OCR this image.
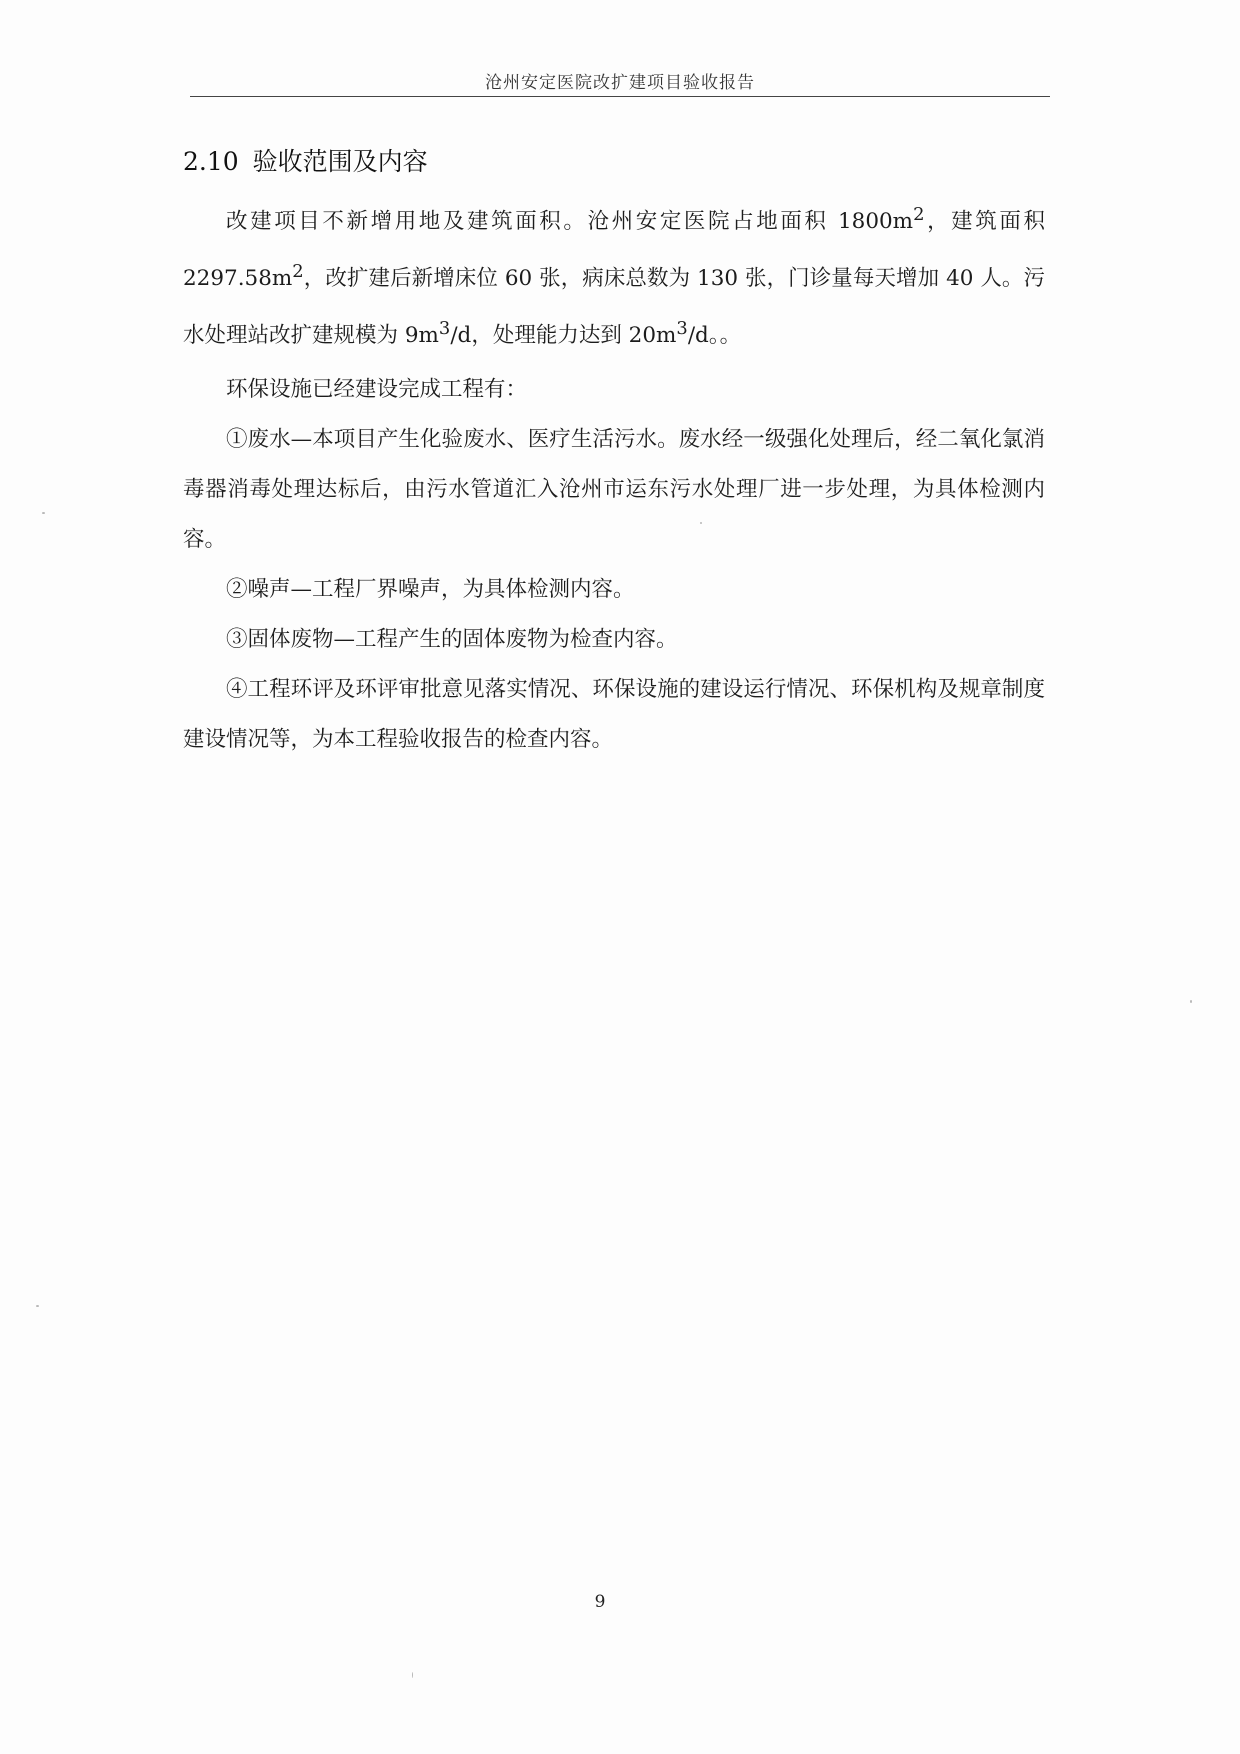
沧州安定医院改扩建项目验收报告
2.10 验收范围及内容

改建项目不新增用地及建筑面积。沧州安定医院占地面积 $1800m^2$，建筑面积 $2297.58m^2$，改扩建后新增床位 60 张，病床总数为 130 张，门诊量每天增加 40 人。污水处理站改扩建规模为 $9m^3/d$，处理能力达到 $20m^3/d$。。

环保设施已经建设完成工程有：

①废水—本项目产生化验废水、医疗生活污水。废水经一级强化处理后，经二氧化氯消毒器消毒处理达标后，由污水管道汇入沧州市运东污水处理厂进一步处理，为具体检测内容。

②噪声—工程厂界噪声，为具体检测内容。

③固体废物—工程产生的固体废物为检查内容。

④工程环评及环评审批意见落实情况、环保设施的建设运行情况、环保机构及规章制度建设情况等，为本工程验收报告的检查内容。

9
